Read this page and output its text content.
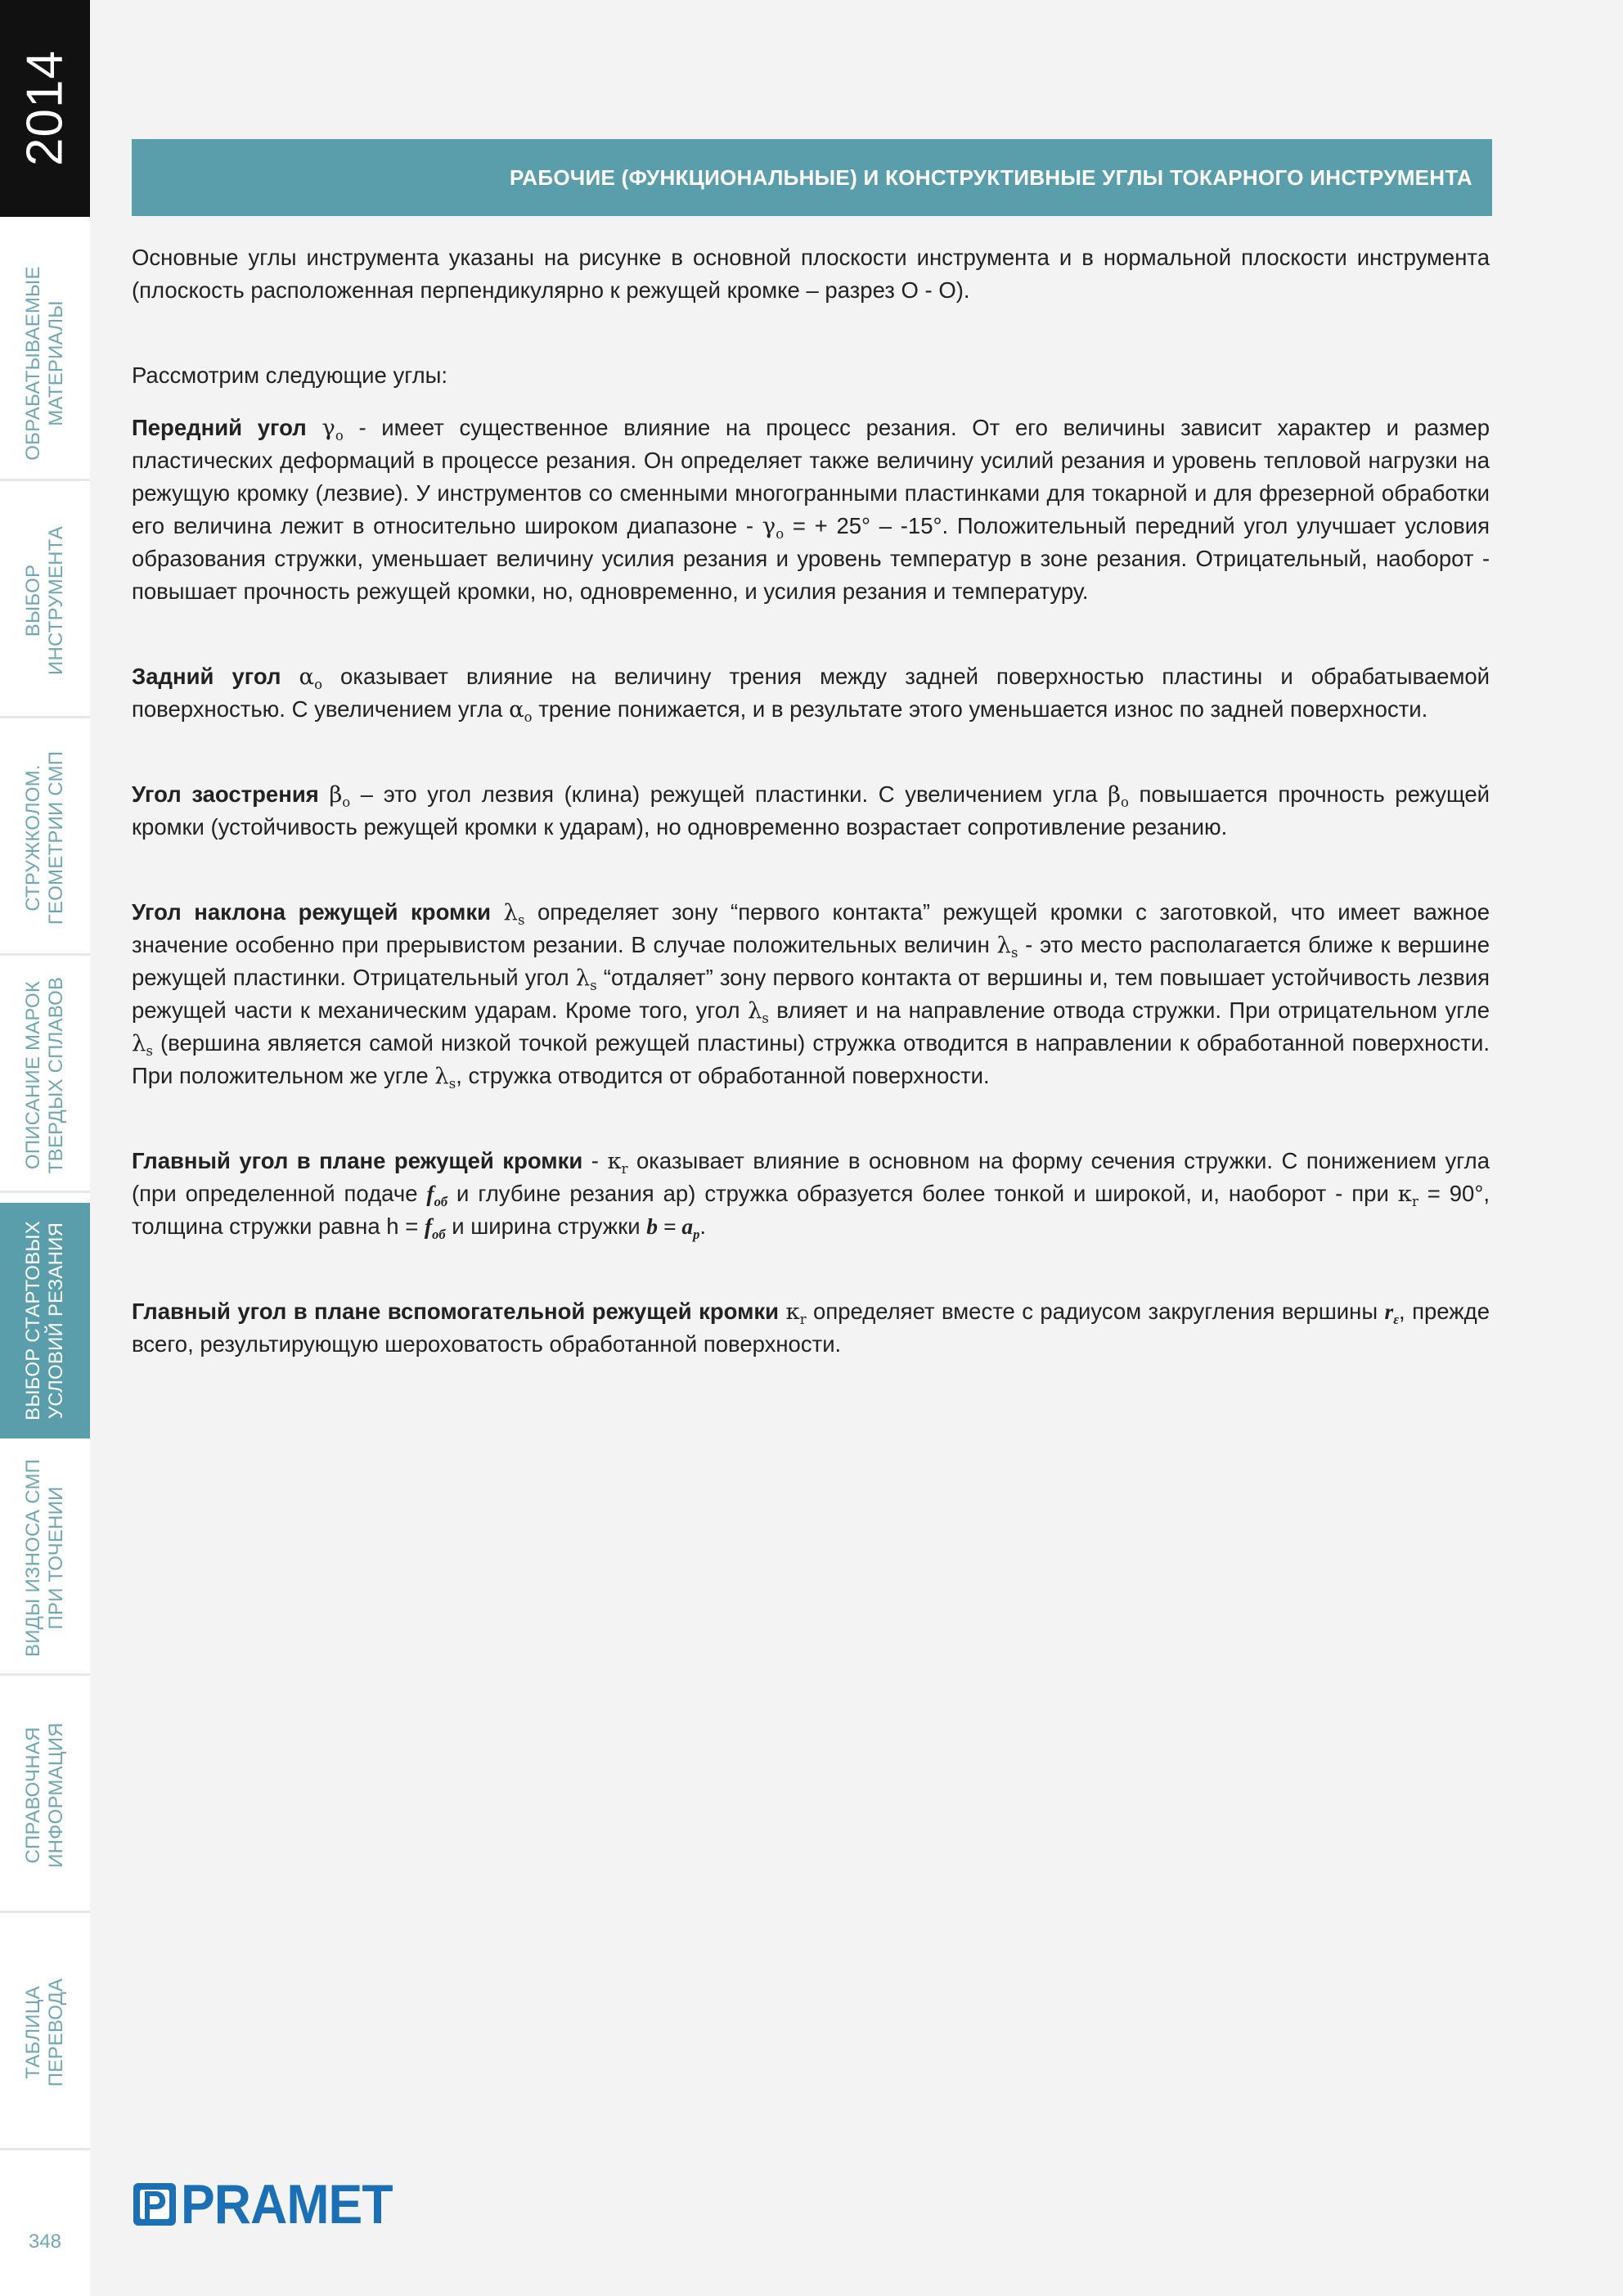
2014
ОБРАБАТЫВАЕМЫЕ
МАТЕРИАЛЫ
ВЫБОР
ИНСТРУМЕНТА
СТРУЖКОЛОМ.
ГЕОМЕТРИИ СМП
ОПИСАНИЕ МАРОК
ТВЕРДЫХ СПЛАВОВ
ВЫБОР СТАРТОВЫХ
УСЛОВИЙ РЕЗАНИЯ
ВИДЫ ИЗНОСА СМП
ПРИ ТОЧЕНИИ
СПРАВОЧНАЯ
ИНФОРМАЦИЯ
ТАБЛИЦА
ПЕРЕВОДА
348
РАБОЧИЕ (ФУНКЦИОНАЛЬНЫЕ) И КОНСТРУКТИВНЫЕ УГЛЫ ТОКАРНОГО ИНСТРУМЕНТА

Основные углы инструмента указаны на рисунке в основной плоскости инструмента и в нормальной плоскости инструмента (плоскость расположенная перпендикулярно к режущей кромке – разрез O - O).

Рассмотрим следующие углы:

Передний угол $\gamma_o$ - имеет существенное влияние на процесс резания. От его величины зависит характер и размер пластических деформаций в процессе резания. Он определяет также величину усилий резания и уровень тепловой нагрузки на режущую кромку (лезвие). У инструментов со сменными многогранными пластинками для токарной и для фрезерной обработки его величина лежит в относительно широком диапазоне - $\gamma_o$ = + 25° – -15°. Положительный передний угол улучшает условия образования стружки, уменьшает величину усилия резания и уровень температур в зоне резания. Отрицательный, наоборот - повышает прочность режущей кромки, но, одновременно, и усилия резания и температуру.

Задний угол $\alpha_o$ оказывает влияние на величину трения между задней поверхностью пластины и обрабатываемой поверхностью. С увеличением угла $\alpha_o$ трение понижается, и в результате этого уменьшается износ по задней поверхности.

Угол заострения $\beta_o$ – это угол лезвия (клина) режущей пластинки. С увеличением угла $\beta_o$ повышается прочность режущей кромки (устойчивость режущей кромки к ударам), но одновременно возрастает сопротивление резанию.

Угол наклона режущей кромки $\lambda_s$ определяет зону “первого контакта” режущей кромки с заготовкой, что имеет важное значение особенно при прерывистом резании. В случае положительных величин $\lambda_s$ - это место располагается ближе к вершине режущей пластинки. Отрицательный угол $\lambda_s$ “отдаляет” зону первого контакта от вершины и, тем повышает устойчивость лезвия режущей части к механическим ударам. Кроме того, угол $\lambda_s$ влияет и на направление отвода стружки. При отрицательном угле $\lambda_s$ (вершина является самой низкой точкой режущей пластины) стружка отводится в направлении к обработанной поверхности. При положительном же угле $\lambda_s$, стружка отводится от обработанной поверхности.

Главный угол в плане режущей кромки - $\kappa_r$ оказывает влияние в основном на форму сечения стружки. С понижением угла (при определенной подаче $f_{об}$ и глубине резания ар) стружка образуется более тонкой и широкой, и, наоборот - при $\kappa_r = 90^\circ$, толщина стружки равна $h = f_{об}$ и ширина стружки $b = a_p$.

Главный угол в плане вспомогательной режущей кромки $\kappa_r$ определяет вместе с радиусом закругления вершины $r_\varepsilon$, прежде всего, результирующую шероховатость обработанной поверхности.

PRAMET
